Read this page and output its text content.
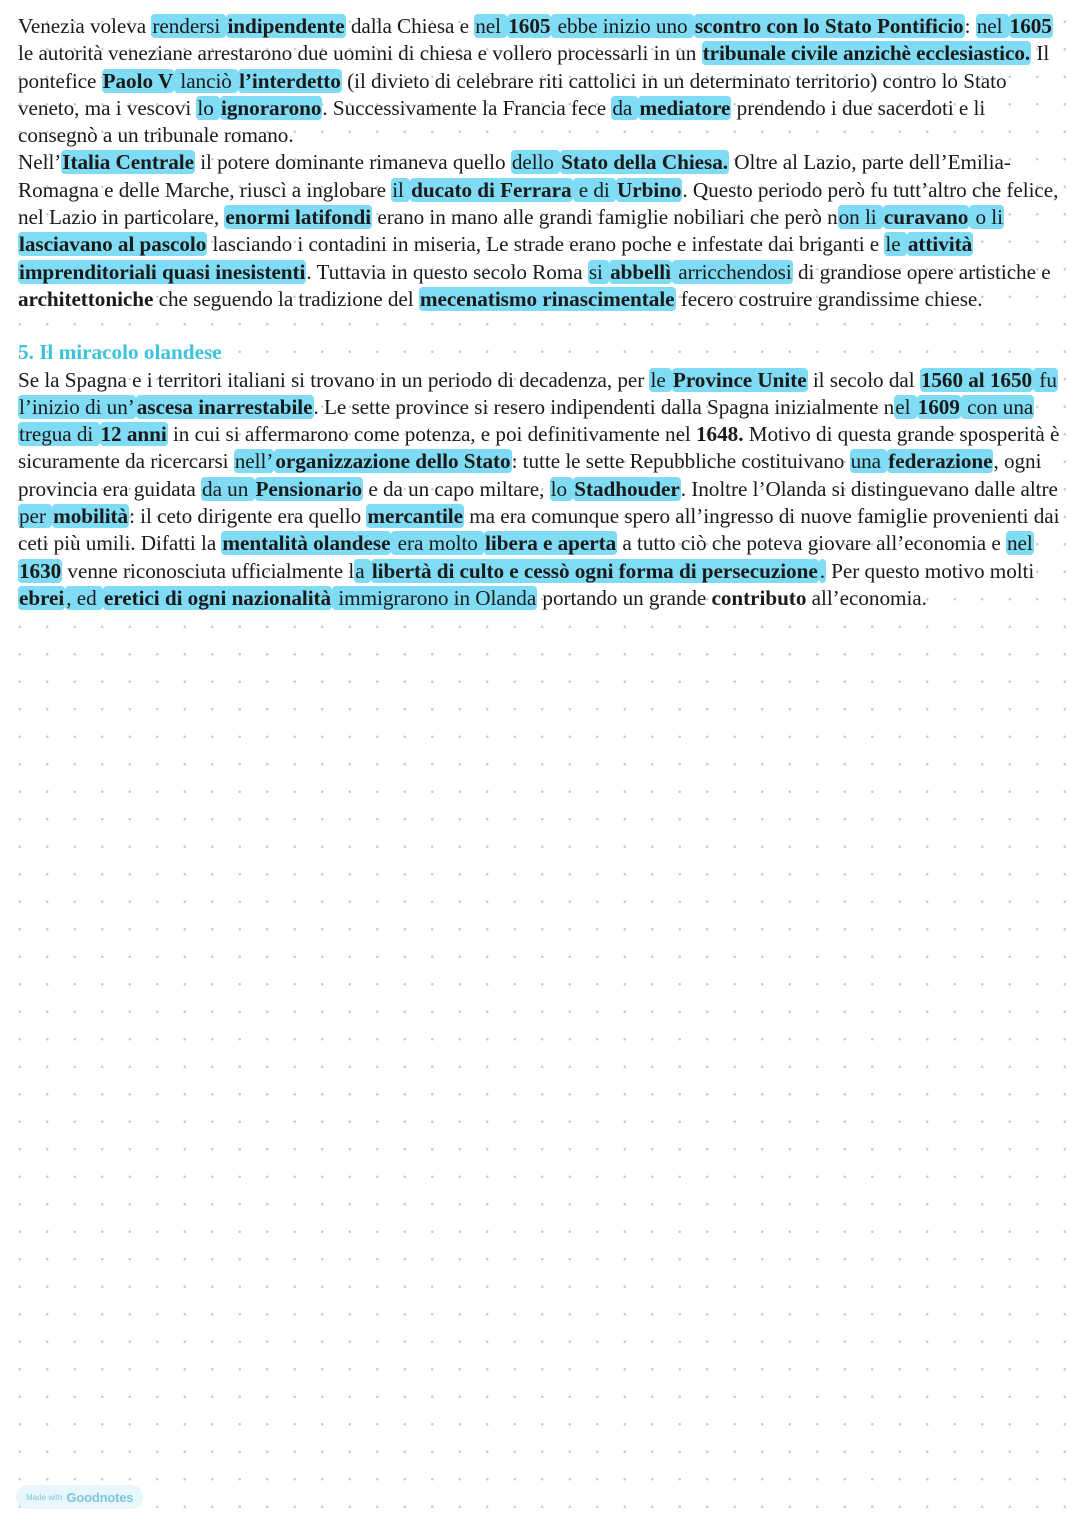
Venezia voleva rendersi indipendente dalla Chiesa e nel 1605 ebbe inizio uno scontro con lo Stato Pontificio: nel 1605 le autorità veneziane arrestarono due uomini di chiesa e vollero processarli in un tribunale civile anzichè ecclesiastico. Il pontefice Paolo V lanciò l’interdetto (il divieto di celebrare riti cattolici in un determinato territorio) contro lo Stato veneto, ma i vescovi lo ignorarono. Successivamente la Francia fece da mediatore prendendo i due sacerdoti e li consegnò a un tribunale romano.

Nell’Italia Centrale il potere dominante rimaneva quello dello Stato della Chiesa. Oltre al Lazio, parte dell’Emilia-Romagna e delle Marche, riuscì a inglobare il ducato di Ferrara e di Urbino. Questo periodo però fu tutt’altro che felice, nel Lazio in particolare, enormi latifondi erano in mano alle grandi famiglie nobiliari che però non li curavano o li lasciavano al pascolo lasciando i contadini in miseria, Le strade erano poche e infestate dai briganti e le attività imprenditoriali quasi inesistenti. Tuttavia in questo secolo Roma si abbellì arricchendosi di grandiose opere artistiche e architettoniche che seguendo la tradizione del mecenatismo rinascimentale fecero costruire grandissime chiese.

5. Il miracolo olandese

Se la Spagna e i territori italiani si trovano in un periodo di decadenza, per le Province Unite il secolo dal 1560 al 1650 fu l’inizio di un’ascesa inarrestabile. Le sette province si resero indipendenti dalla Spagna inizialmente nel 1609 con una tregua di 12 anni in cui si affermarono come potenza, e poi definitivamente nel 1648. Motivo di questa grande sposperità è sicuramente da ricercarsi nell’organizzazione dello Stato: tutte le sette Repubbliche costituivano una federazione, ogni provincia era guidata da un Pensionario e da un capo miltare, lo Stadhouder. Inoltre l’Olanda si distinguevano dalle altre per mobilità: il ceto dirigente era quello mercantile ma era comunque spero all’ingresso di nuove famiglie provenienti dai ceti più umili. Difatti la mentalità olandese era molto libera e aperta a tutto ciò che poteva giovare all’economia e nel 1630 venne riconosciuta ufficialmente la libertà di culto e cessò ogni forma di persecuzione. Per questo motivo molti ebrei, ed eretici di ogni nazionalità immigrarono in Olanda portando un grande contributo all’economia.

Made with Goodnotes
